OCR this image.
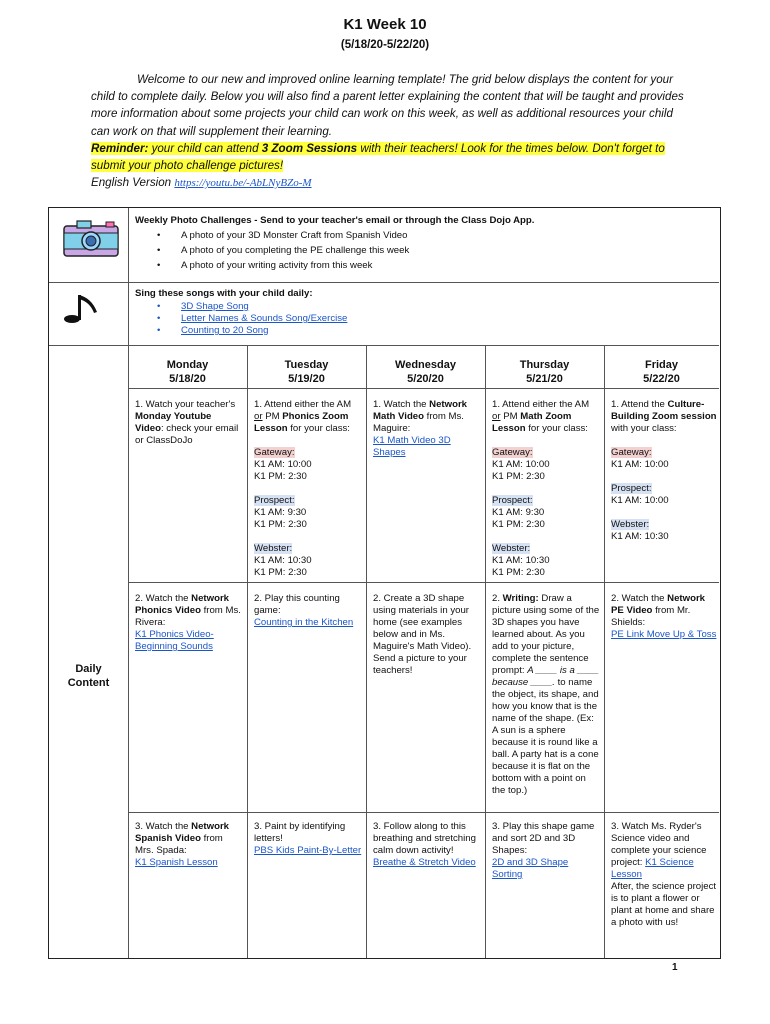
K1 Week 10
(5/18/20-5/22/20)

Welcome to our new and improved online learning template! The grid below displays the content for your child to complete daily. Below you will also find a parent letter explaining the content that will be taught and provides more information about some projects your child can work on this week, as well as additional resources your child can work on that will supplement their learning.

Reminder: your child can attend 3 Zoom Sessions with their teachers! Look for the times below. Don't forget to submit your photo challenge pictures!
English Version https://youtu.be/-AbLNyBZo-M
Weekly Photo Challenges - Send to your teacher's email or through the Class Dojo App.
• A photo of your 3D Monster Craft from Spanish Video
• A photo of you completing the PE challenge this week
• A photo of your writing activity from this week
Sing these songs with your child daily:
• 3D Shape Song
• Letter Names & Sounds Song/Exercise
• Counting to 20 Song
Monday
5/18/20
Tuesday
5/19/20
Wednesday
5/20/20
Thursday
5/21/20
Friday
5/22/20
Daily
Content
1. Watch your teacher's Monday Youtube Video: check your email or ClassDoJo
1. Attend either the AM or PM Phonics Zoom Lesson for your class:
Gateway:
K1 AM: 10:00
K1 PM: 2:30
Prospect:
K1 AM: 9:30
K1 PM: 2:30
Webster:
K1 AM: 10:30
K1 PM: 2:30
1. Watch the Network Math Video from Ms. Maguire:
K1 Math Video 3D Shapes
1. Attend either the AM or PM Math Zoom Lesson for your class:
Gateway:
K1 AM: 10:00
K1 PM: 2:30
Prospect:
K1 AM: 9:30
K1 PM: 2:30
Webster:
K1 AM: 10:30
K1 PM: 2:30
1. Attend the Culture-Building Zoom session with your class:
Gateway:
K1 AM: 10:00
Prospect:
K1 AM: 10:00
Webster:
K1 AM: 10:30
2. Watch the Network Phonics Video from Ms. Rivera:
K1 Phonics Video-Beginning Sounds
2. Play this counting game:
Counting in the Kitchen
2. Create a 3D shape using materials in your home (see examples below and in Ms. Maguire's Math Video). Send a picture to your teachers!
2. Writing: Draw a picture using some of the 3D shapes you have learned about. As you add to your picture, complete the sentence prompt: A ____ is a ____ because ____. to name the object, its shape, and how you know that is the name of the shape. (Ex: A sun is a sphere because it is round like a ball. A party hat is a cone because it is flat on the bottom with a point on the top.)
2. Watch the Network PE Video from Mr. Shields:
PE Link Move Up & Toss
3. Watch the Network Spanish Video from Mrs. Spada:
K1 Spanish Lesson
3. Paint by identifying letters!
PBS Kids Paint-By-Letter
3. Follow along to this breathing and stretching calm down activity! Breathe & Stretch Video
3. Play this shape game and sort 2D and 3D Shapes:
2D and 3D Shape Sorting
3. Watch Ms. Ryder's Science video and complete your science project: K1 Science Lesson
After, the science project is to plant a flower or plant at home and share a photo with us!
1
